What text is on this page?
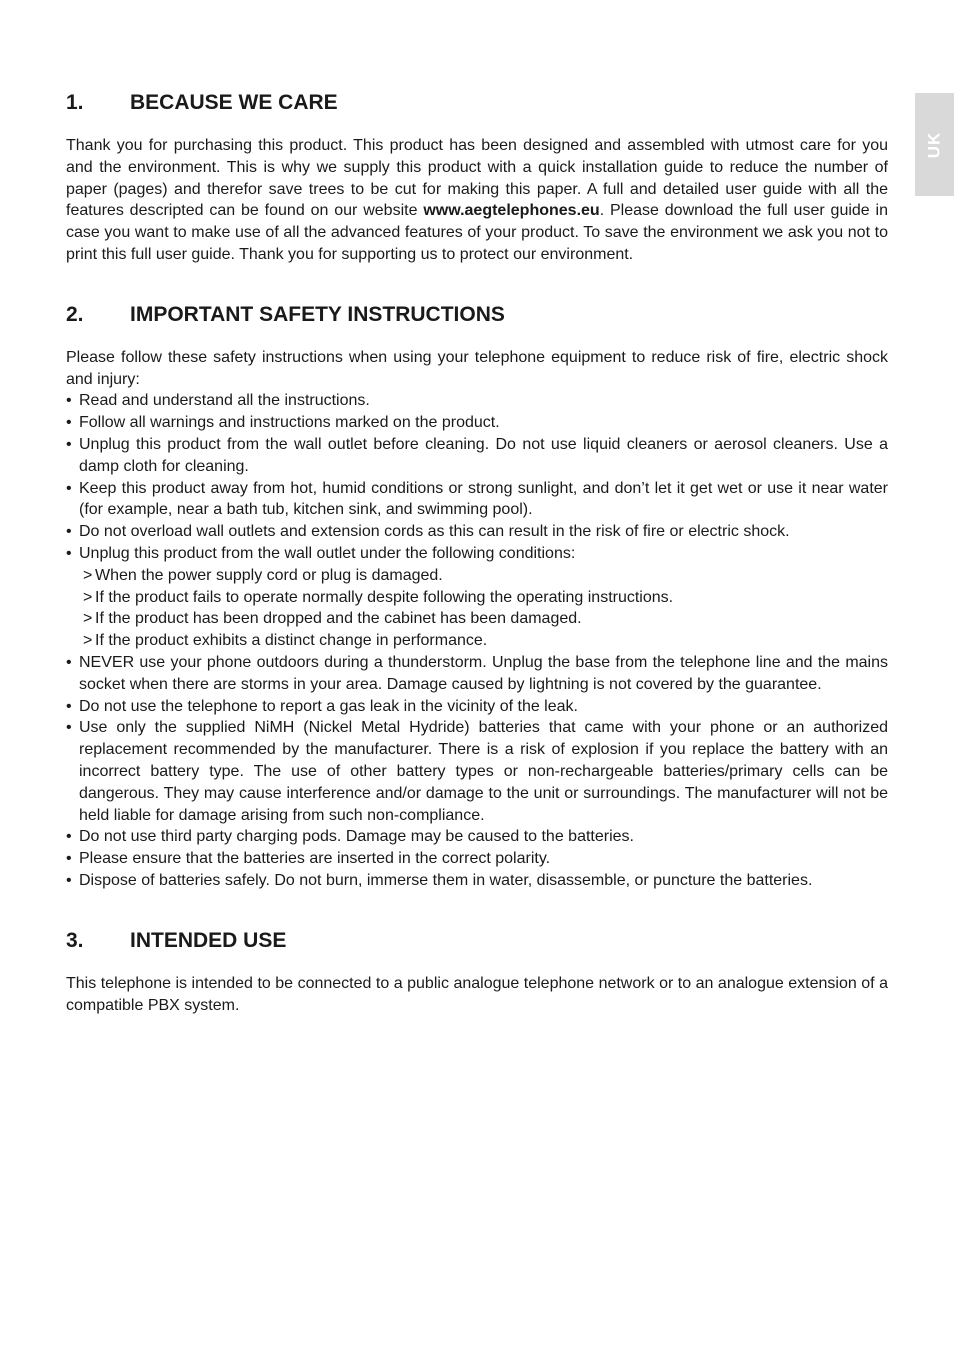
UK
1.	BECAUSE WE CARE

Thank you for purchasing this product. This product has been designed and assembled with utmost care for you and the environment. This is why we supply this product with a quick installation guide to reduce the number of paper (pages) and therefor save trees to be cut for making this paper. A full and detailed user guide with all the features descripted can be found on our website www.aegtelephones.eu. Please download the full user guide in case you want to make use of all the advanced features of your product. To save the environment we ask you not to print this full user guide. Thank you for supporting us to protect our environment.

2.	IMPORTANT SAFETY INSTRUCTIONS

Please follow these safety instructions when using your telephone equipment to reduce risk of fire, electric shock and injury:

• Read and understand all the instructions.
• Follow all warnings and instructions marked on the product.
• Unplug this product from the wall outlet before cleaning. Do not use liquid cleaners or aerosol cleaners. Use a damp cloth for cleaning.
• Keep this product away from hot, humid conditions or strong sunlight, and don’t let it get wet or use it near water (for example, near a bath tub, kitchen sink, and swimming pool).
• Do not overload wall outlets and extension cords as this can result in the risk of fire or electric shock.
• Unplug this product from the wall outlet under the following conditions:
> When the power supply cord or plug is damaged.
> If the product fails to operate normally despite following the operating instructions.
> If the product has been dropped and the cabinet has been damaged.
> If the product exhibits a distinct change in performance.
• NEVER use your phone outdoors during a thunderstorm. Unplug the base from the telephone line and the mains socket when there are storms in your area. Damage caused by lightning is not covered by the guarantee.
• Do not use the telephone to report a gas leak in the vicinity of the leak.
• Use only the supplied NiMH (Nickel Metal Hydride) batteries that came with your phone or an authorized replacement recommended by the manufacturer. There is a risk of explosion if you replace the battery with an incorrect battery type. The use of other battery types or non-rechargeable batteries/primary cells can be dangerous. They may cause interference and/or damage to the unit or surroundings. The manufacturer will not be held liable for damage arising from such non-compliance.
• Do not use third party charging pods. Damage may be caused to the batteries.
• Please ensure that the batteries are inserted in the correct polarity.
• Dispose of batteries safely. Do not burn, immerse them in water, disassemble, or puncture the batteries.
3.	INTENDED USE

This telephone is intended to be connected to a public analogue telephone network or to an analogue extension of a compatible PBX system.
